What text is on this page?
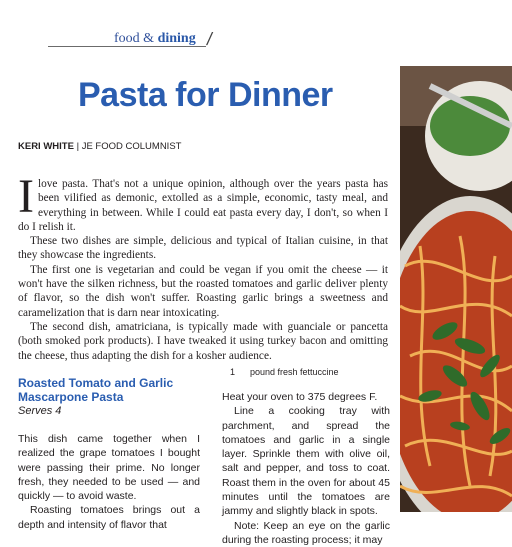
food & dining /
Pasta for Dinner
KERI WHITE | JE FOOD COLUMNIST

Ilove pasta. That's not a unique opinion, although over the years pasta has been vilified as demonic, extolled as a simple, economic, tasty meal, and everything in between. While I could eat pasta every day, I don't, so when I do I relish it.

These two dishes are simple, delicious and typical of Italian cuisine, in that they showcase the ingredients.

The first one is vegetarian and could be vegan if you omit the cheese — it won't have the silken richness, but the roasted tomatoes and garlic deliver plenty of flavor, so the dish won't suffer. Roasting garlic brings a sweetness and caramelization that is darn near intoxicating.

The second dish, amatriciana, is typically made with guanciale or pancetta (both smoked pork products). I have tweaked it using turkey bacon and omitting the cheese, thus adapting the dish for a kosher audience.

Roasted Tomato and Garlic Mascarpone Pasta

Serves 4

This dish came together when I realized the grape tomatoes I bought were passing their prime. No longer fresh, they needed to be used — and quickly — to avoid waste.

Roasting tomatoes brings out a depth and intensity of flavor that

1 pound fresh fettuccine

Heat your oven to 375 degrees F.

Line a cooking tray with parchment, and spread the tomatoes and garlic in a single layer. Sprinkle them with olive oil, salt and pepper, and toss to coat. Roast them in the oven for about 45 minutes until the tomatoes are jammy and slightly black in spots.

Note: Keep an eye on the garlic during the roasting process; it may
